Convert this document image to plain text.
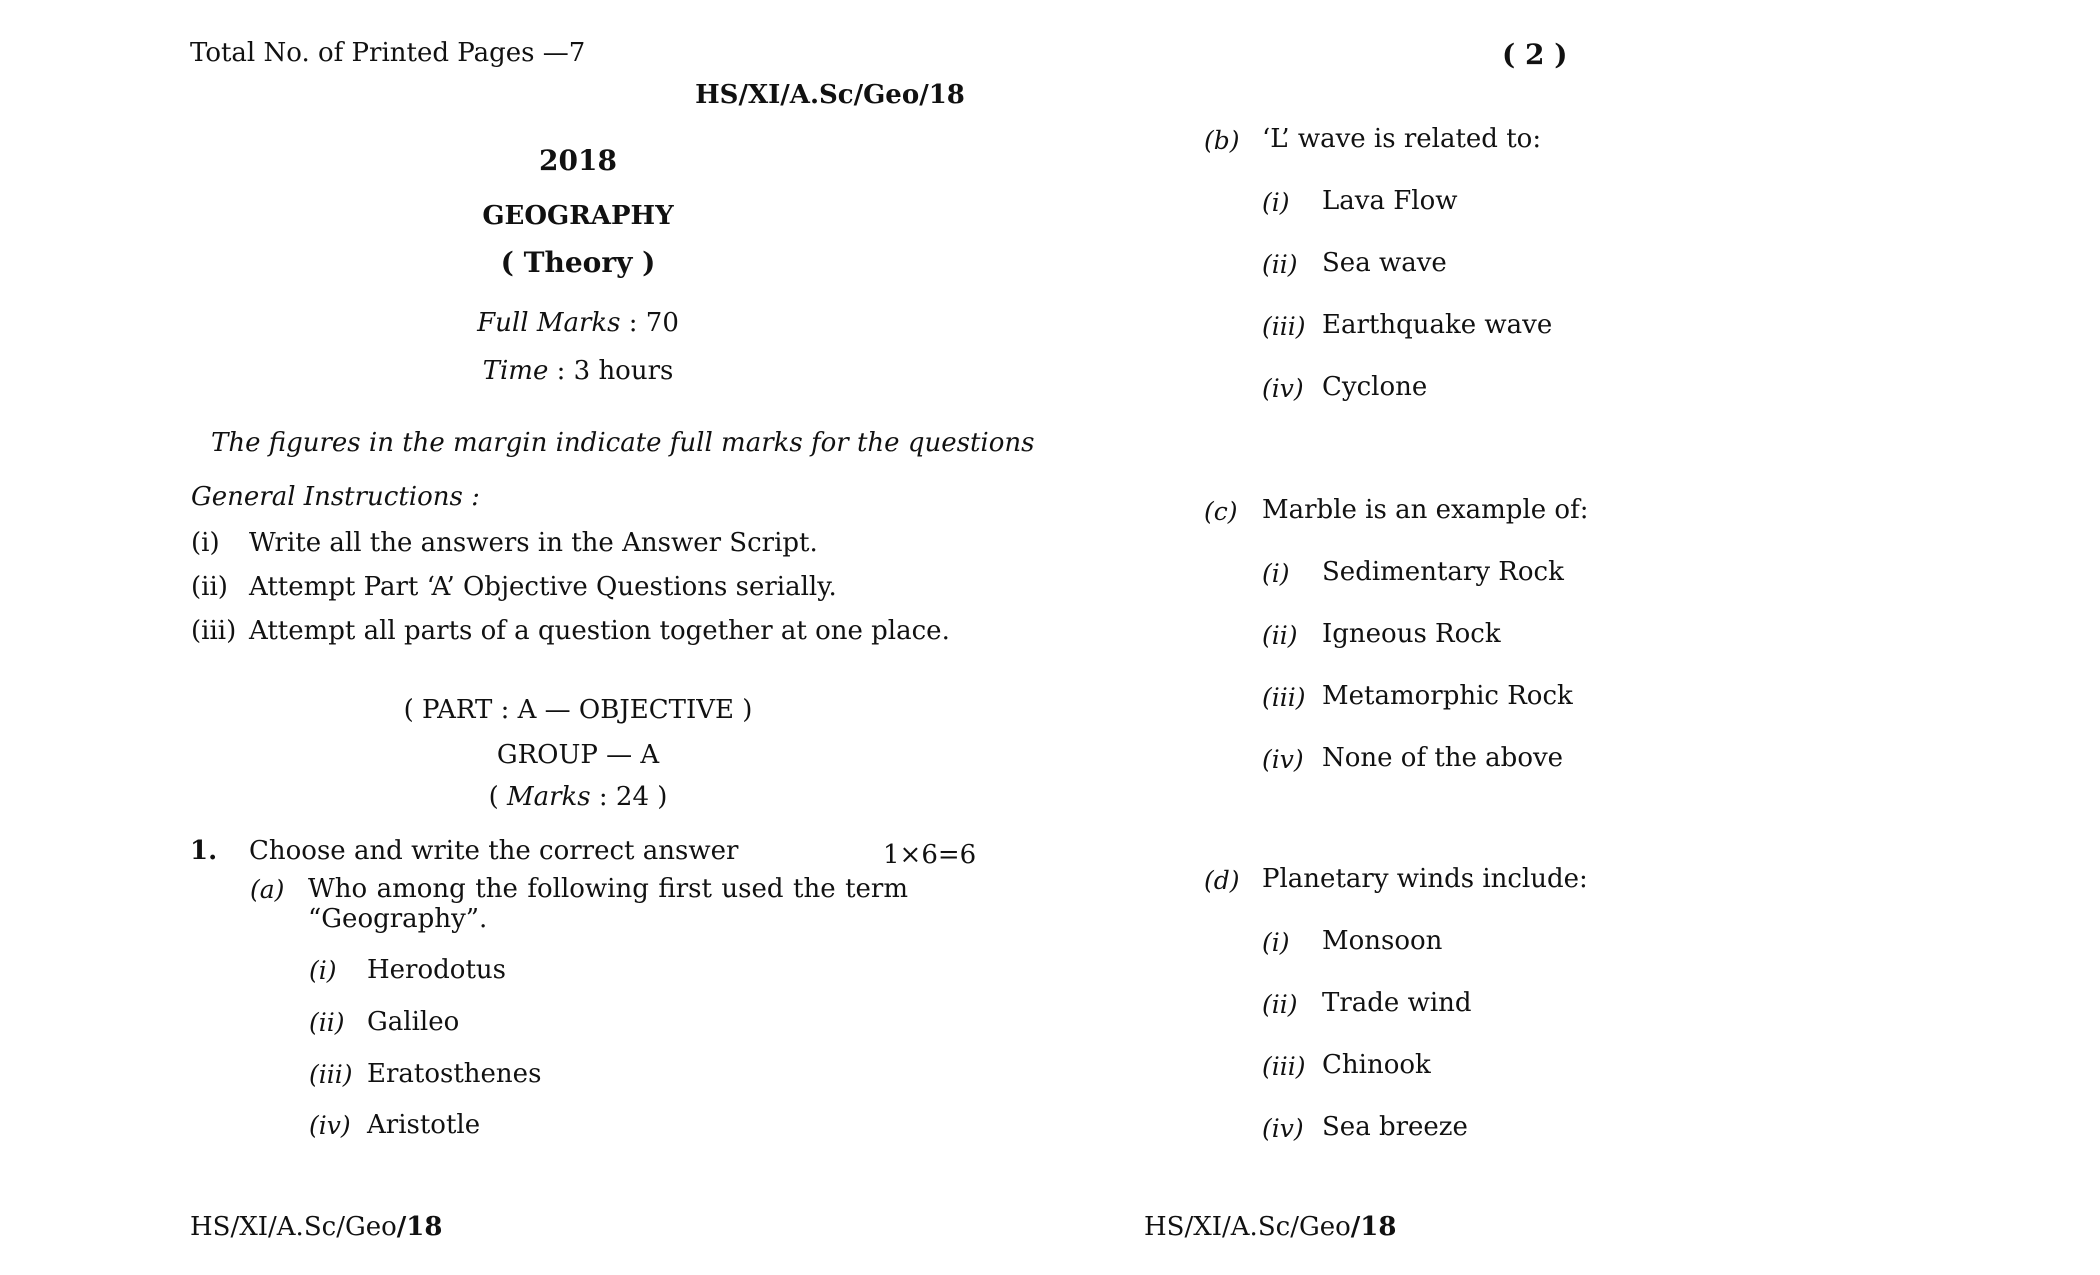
Total No. of Printed Pages —7
HS/XI/A.Sc/Geo/18
2018
GEOGRAPHY
( Theory )
Full Marks : 70
Time : 3 hours
The figures in the margin indicate full marks for the questions
General Instructions :
(i) Write all the answers in the Answer Script.
(ii) Attempt Part ‘A’ Objective Questions serially.
(iii) Attempt all parts of a question together at one place.
( PART : A — OBJECTIVE )
GROUP — A
( Marks : 24 )
1. Choose and write the correct answer	1×6=6
(a) Who among the following first used the term
“Geography”.
(i) Herodotus
(ii) Galileo
(iii) Eratosthenes
(iv) Aristotle
HS/XI/A.Sc/Geo/18
( 2 )
(b) ‘L’ wave is related to:
(i) Lava Flow
(ii) Sea wave
(iii) Earthquake wave
(iv) Cyclone
(c) Marble is an example of:
(i) Sedimentary Rock
(ii) Igneous Rock
(iii) Metamorphic Rock
(iv) None of the above
(d) Planetary winds include:
(i) Monsoon
(ii) Trade wind
(iii) Chinook
(iv) Sea breeze
HS/XI/A.Sc/Geo/18
